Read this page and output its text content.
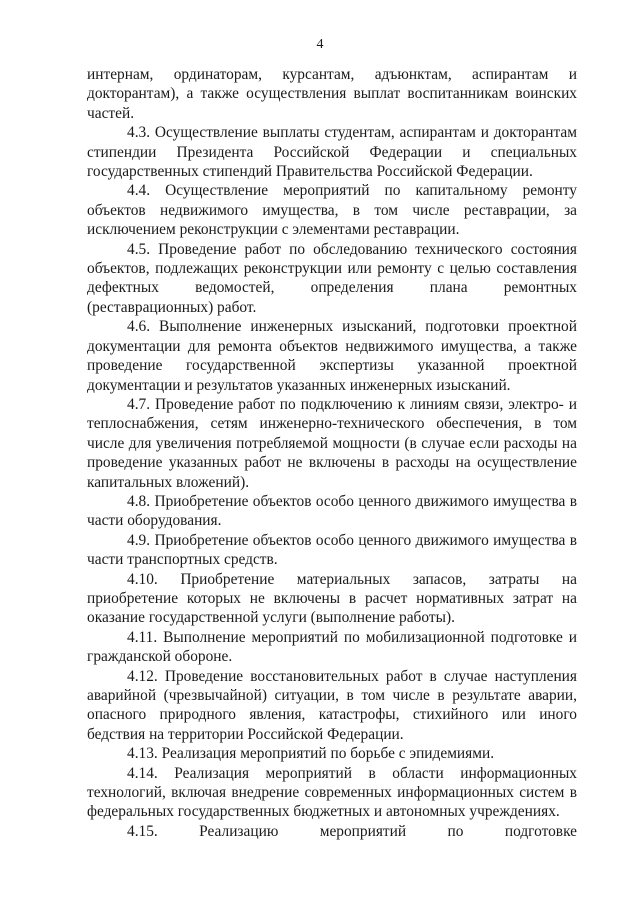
4

интернам, ординаторам, курсантам, адъюнктам, аспирантам и докторантам), а также осуществления выплат воспитанникам воинских частей.

4.3. Осуществление выплаты студентам, аспирантам и докторантам стипендии Президента Российской Федерации и специальных государственных стипендий Правительства Российской Федерации.

4.4. Осуществление мероприятий по капитальному ремонту объектов недвижимого имущества, в том числе реставрации, за исключением реконструкции с элементами реставрации.

4.5. Проведение работ по обследованию технического состояния объектов, подлежащих реконструкции или ремонту с целью составления дефектных ведомостей, определения плана ремонтных (реставрационных) работ.

4.6. Выполнение инженерных изысканий, подготовки проектной документации для ремонта объектов недвижимого имущества, а также проведение государственной экспертизы указанной проектной документации и результатов указанных инженерных изысканий.

4.7. Проведение работ по подключению к линиям связи, электро- и теплоснабжения, сетям инженерно-технического обеспечения, в том числе для увеличения потребляемой мощности (в случае если расходы на проведение указанных работ не включены в расходы на осуществление капитальных вложений).

4.8. Приобретение объектов особо ценного движимого имущества в части оборудования.

4.9. Приобретение объектов особо ценного движимого имущества в части транспортных средств.

4.10. Приобретение материальных запасов, затраты на приобретение которых не включены в расчет нормативных затрат на оказание государственной услуги (выполнение работы).

4.11. Выполнение мероприятий по мобилизационной подготовке и гражданской обороне.

4.12. Проведение восстановительных работ в случае наступления аварийной (чрезвычайной) ситуации, в том числе в результате аварии, опасного природного явления, катастрофы, стихийного или иного бедствия на территории Российской Федерации.

4.13. Реализация мероприятий по борьбе с эпидемиями.

4.14. Реализация мероприятий в области информационных технологий, включая внедрение современных информационных систем в федеральных государственных бюджетных и автономных учреждениях.

4.15. Реализацию мероприятий по подготовке
